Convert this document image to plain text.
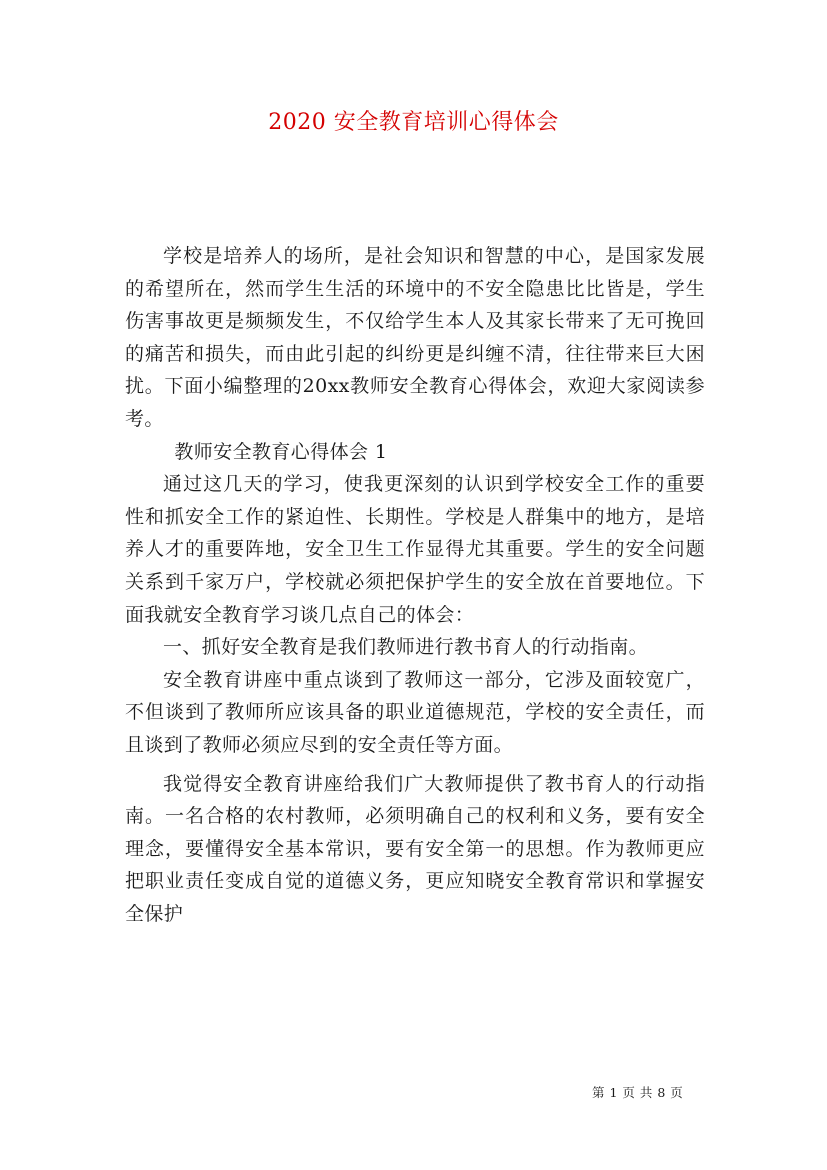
2020 安全教育培训心得体会

学校是培养人的场所，是社会知识和智慧的中心，是国家发展的希望所在，然而学生生活的环境中的不安全隐患比比皆是，学生伤害事故更是频频发生，不仅给学生本人及其家长带来了无可挽回的痛苦和损失，而由此引起的纠纷更是纠缠不清，往往带来巨大困扰。下面小编整理的20xx教师安全教育心得体会，欢迎大家阅读参考。

教师安全教育心得体会 1

通过这几天的学习，使我更深刻的认识到学校安全工作的重要性和抓安全工作的紧迫性、长期性。学校是人群集中的地方，是培养人才的重要阵地，安全卫生工作显得尤其重要。学生的安全问题关系到千家万户，学校就必须把保护学生的安全放在首要地位。下面我就安全教育学习谈几点自己的体会：

一、抓好安全教育是我们教师进行教书育人的行动指南。

安全教育讲座中重点谈到了教师这一部分，它涉及面较宽广，不但谈到了教师所应该具备的职业道德规范，学校的安全责任，而且谈到了教师必须应尽到的安全责任等方面。

我觉得安全教育讲座给我们广大教师提供了教书育人的行动指南。一名合格的农村教师，必须明确自己的权利和义务，要有安全理念，要懂得安全基本常识，要有安全第一的思想。作为教师更应把职业责任变成自觉的道德义务，更应知晓安全教育常识和掌握安全保护

第 1 页 共 8 页
